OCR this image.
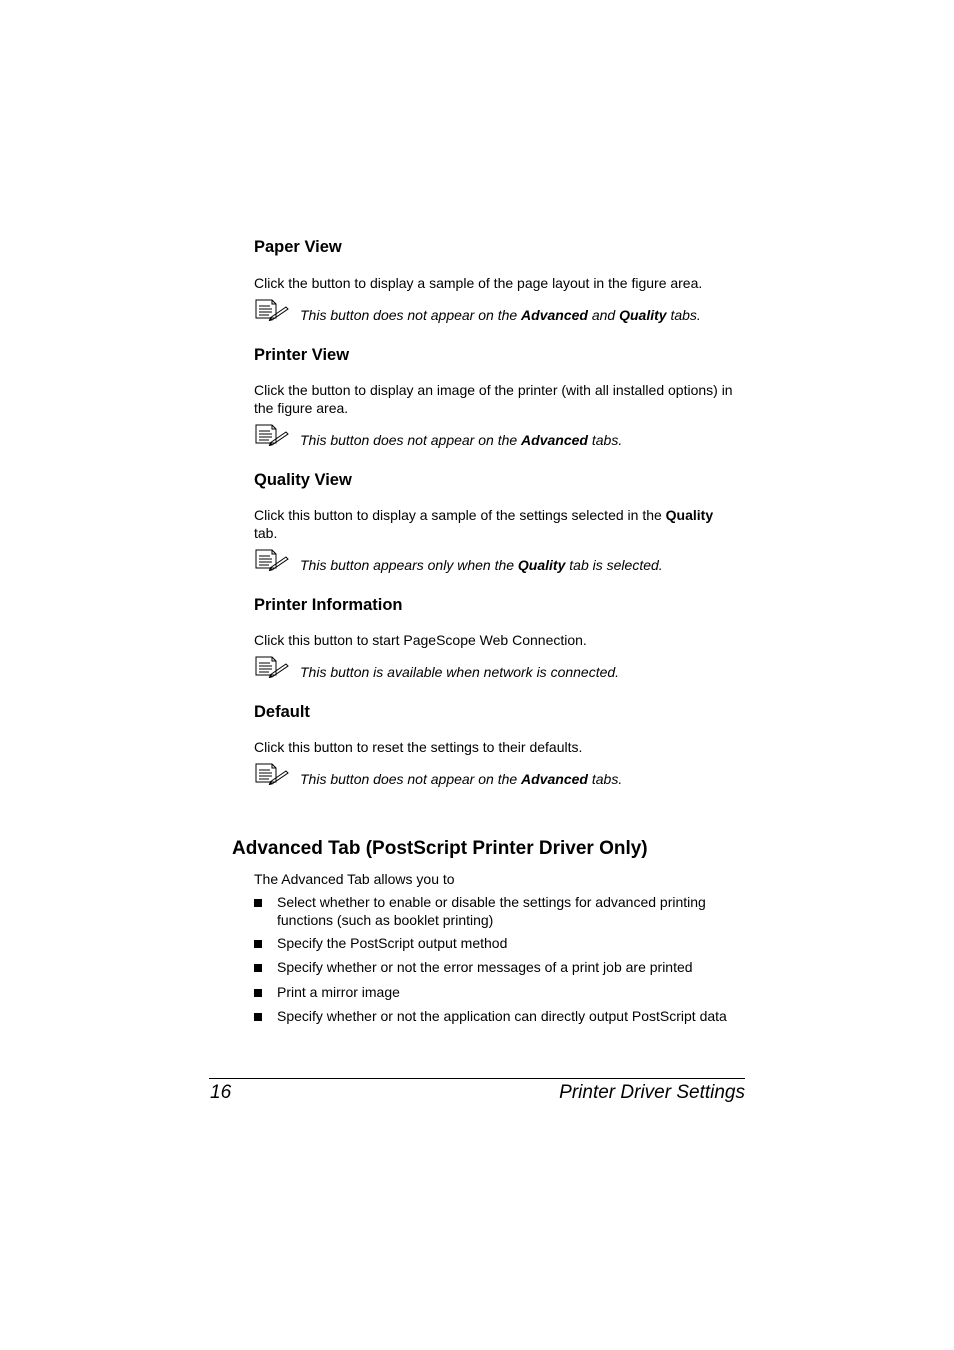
Paper View
Click the button to display a sample of the page layout in the figure area.
This button does not appear on the Advanced and Quality tabs.
Printer View
Click the button to display an image of the printer (with all installed options) in the figure area.
This button does not appear on the Advanced tabs.
Quality View
Click this button to display a sample of the settings selected in the Quality
tab.
This button appears only when the Quality tab is selected.
Printer Information
Click this button to start PageScope Web Connection.
This button is available when network is connected.
Default
Click this button to reset the settings to their defaults.
This button does not appear on the Advanced tabs.
Advanced Tab (PostScript Printer Driver Only)
The Advanced Tab allows you to
Select whether to enable or disable the settings for advanced printing functions (such as booklet printing)
Specify the PostScript output method
Specify whether or not the error messages of a print job are printed
Print a mirror image
Specify whether or not the application can directly output PostScript data
16	Printer Driver Settings
